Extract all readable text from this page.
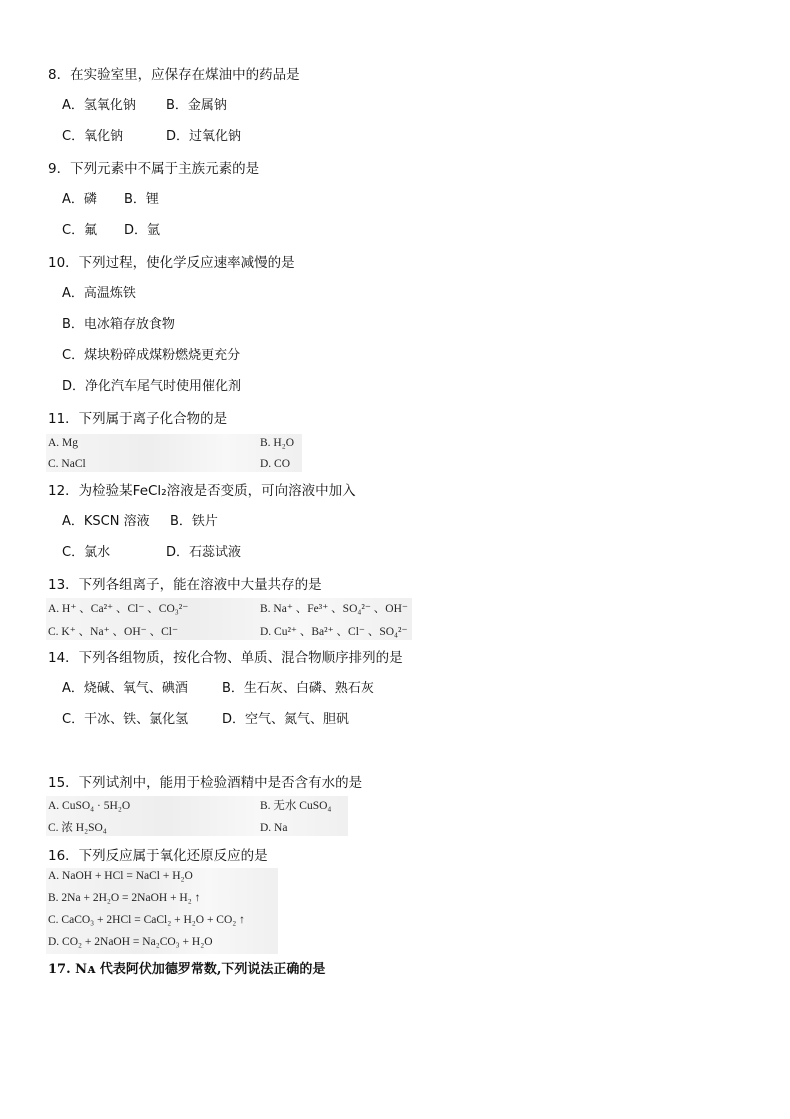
8．在实验室里，应保存在煤油中的药品是
A．氢氧化钠 B．金属钠
C．氧化钠	D．过氧化钠
9．下列元素中不属于主族元素的是
A．磷 B．锂
C．氟 D．氩
10．下列过程，使化学反应速率减慢的是
A．高温炼铁
B．电冰箱存放食物
C．煤块粉碎成煤粉燃烧更充分
D．净化汽车尾气时使用催化剂
11．下列属于离子化合物的是
A. Mg	B. H₂O
C. NaCl	D. CO
12．为检验某FeCl₂溶液是否变质，可向溶液中加入
A．KSCN 溶液 B．铁片
C．氯水	D．石蕊试液
13．下列各组离子，能在溶液中大量共存的是
A. H⁺ 、Ca²⁺ 、Cl⁻ 、CO₃²⁻	B. Na⁺ 、Fe³⁺ 、SO₄²⁻ 、OH⁻
C. K⁺ 、Na⁺ 、OH⁻ 、Cl⁻	D. Cu²⁺ 、Ba²⁺ 、Cl⁻ 、SO₄²⁻
14．下列各组物质，按化合物、单质、混合物顺序排列的是
A．烧碱、氧气、碘酒	B．生石灰、白磷、熟石灰
C．干冰、铁、氯化氢	D．空气、氮气、胆矾
15．下列试剂中，能用于检验酒精中是否含有水的是
A. CuSO₄ · 5H₂O	B. 无水 CuSO₄
C. 浓 H₂SO₄	D. Na
16．下列反应属于氧化还原反应的是
A. NaOH + HCl = NaCl + H₂O
B. 2Na + 2H₂O = 2NaOH + H₂ ↑
C. CaCO₃ + 2HCl = CaCl₂ + H₂O + CO₂ ↑
D. CO₂ + 2NaOH = Na₂CO₃ + H₂O
17. Nᴀ 代表阿伏加德罗常数,下列说法正确的是
